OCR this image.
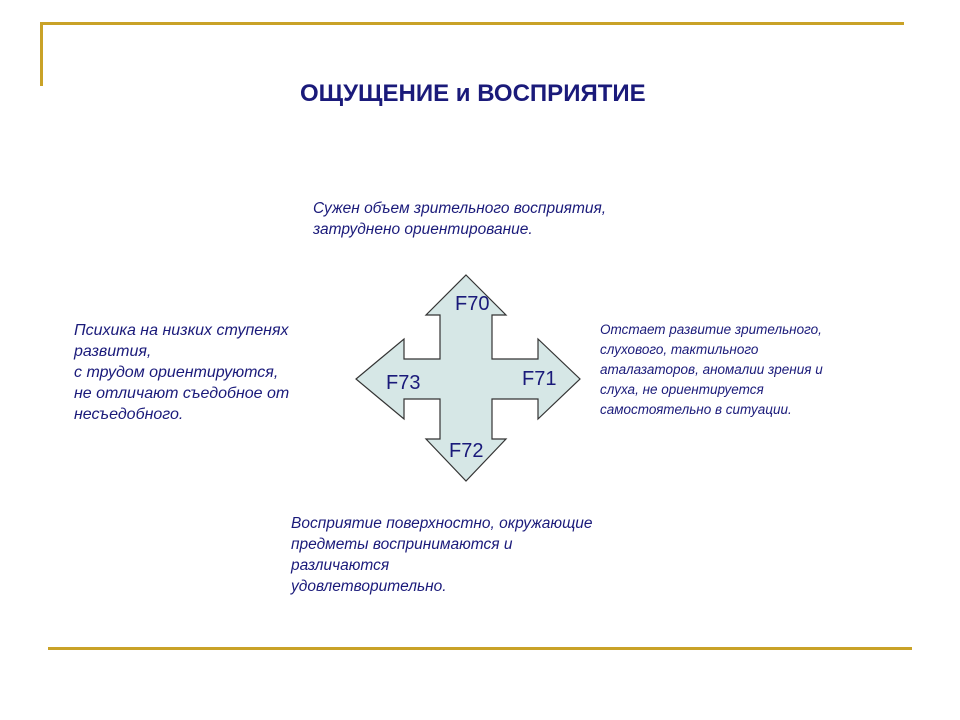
ОЩУЩЕНИЕ и ВОСПРИЯТИЕ

Сужен объем зрительного восприятия,
затруднено ориентирование.

Психика на низких ступенях
развития,
с трудом ориентируются,
не отличают съедобное от
несъедобного.

Отстает развитие зрительного,
слухового, тактильного
аталазаторов, аномалии зрения и
слуха, не ориентируется
самостоятельно в ситуации.

Восприятие поверхностно, окружающие
предметы воспринимаются и
различаются
удовлетворительно.

F70
F71
F73
F72
